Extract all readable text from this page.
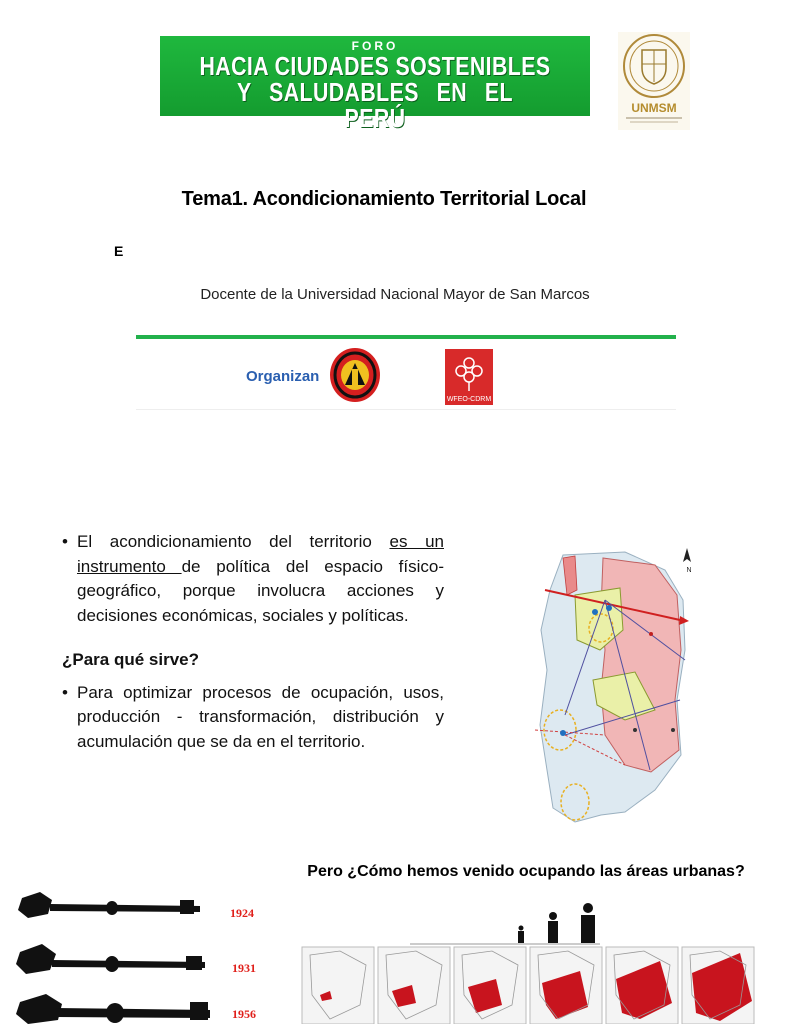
FORO
HACIA CIUDADES SOSTENIBLES
Y SALUDABLES EN EL PERÚ	UNMSM
Tema1. Acondicionamiento Territorial Local
E
Docente de la Universidad Nacional Mayor de San Marcos
Organizan
WFEO-CDRM
• El acondicionamiento del territorio es un instrumento de política del espacio físico- geográfico, porque involucra acciones y decisiones económicas, sociales y políticas.
¿Para qué sirve?
• Para optimizar procesos de ocupación, usos, producción - transformación, distribución y acumulación que se da en el territorio.
N
Pero ¿Cómo hemos venido ocupando las áreas urbanas?
1924
1931
1956
